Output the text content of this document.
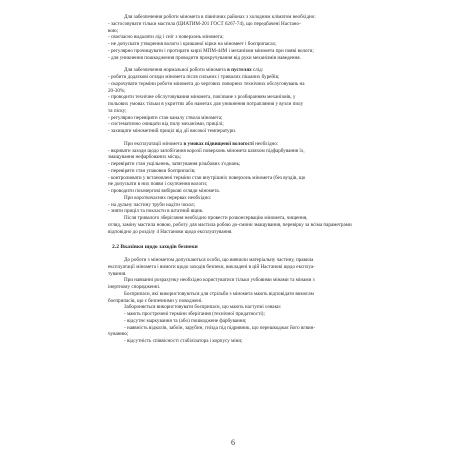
Для забезпечення роботи міномета в північних районах з холодним кліматом необхідно:

- застосовувати тільки мастила (ЦИАТИМ-201 ГОСТ 6267-74), що передбачені Настано-

вою;

- своєчасно видаляти лід і сніг з поверхонь міномета;

- не допускати утворення вологи і кришаної кірки на міномеет і боєприпасах;

- регулярно прочищувати і протирати кирзі МПМ-44М і механізми міномета при появі вологи;

- для уникнення пошкодження проводити прокручування від руки механізмів наведення.

Для забезпечення нормальної роботи міномета в пустелях слід:

- робити додаткові огляди міномета після сильних і тривалих пішаних бурейів;

- скорочувати терміни роботи міномета до чергових поворних технічних обслуговувань на

20-30%;

- проводити технічне обслуговування міномета, пов'язане з розбиранням механізмів, у

польових умовах тільки в укриттях або наметах для уникнення потрапляння у вузли пилу

та піску;

- регулярно перевіряти стан каналу ствола міномета;

- систематично очищати від пилу механізми, прицілі;

- захищати мінометний приціл від дії високої температури.

При експлуатації міномета в умовах підвищеної вологості необхідно:

- вкривати заходи щодо запобігання корозії поверхонь міномета шляхом підфарбування їх,

змащування нефарбованих місць;

- перевіряти стан ущільнень, затягування різьбових з'єднань;

- перевіряти стан упаковки боєприпасів;

- контролювати у встановлені терміни стан внутрішніх поверхонь міномета (без вуздів, що

не допускати в них появи і скупчення вологи;

- проводити позачергові вибіркові огляди міномета.

При короткочасних перервах необхідно:

- на дульну частину труби надіти чохол;

- зняти приціл та покласти в штатний ящик.

Після тривалого зберігання необхідно провести розконсервацію міномета, чищення,

огляд, заміну мастила новою, роботу для мастила робою до-смини змащування, перевірку за всіма параметрами

відповідно до розділу 4 Настанови щодо експлуатування.

2.2 Вказівки щодо заходів безпеки

До роботи з мінометом допускаються особи, що вивчили матеріальну частину, правила

експлуатації міномета і вимоги щодо заходів безпеки, викладені в цій Настанові щодо експлуа-

тування.

При навчанні розрахунку необхідно користуватися тільки учбовими мінами та мінами з

інертному спорядженні.

Боєприпаси, які використовуються для стрільби з міномета мають відповідати вимогам

боєприпасів, що є безпечними у поводжені.

Забороняється використовувати боєприпаси, що мають наступні ознаки:

- мають прострочені терміни зберігання (технічної придатності);

- відсутнє маркування та (або) пошкоджене фарбування;

- наявність відколів, забоїн, зарубин, гнізда під підривник, що перешкоджає його вгвин-

чуванню;

- відсутність співвісності стабілізатора і корпусу міни;

6
